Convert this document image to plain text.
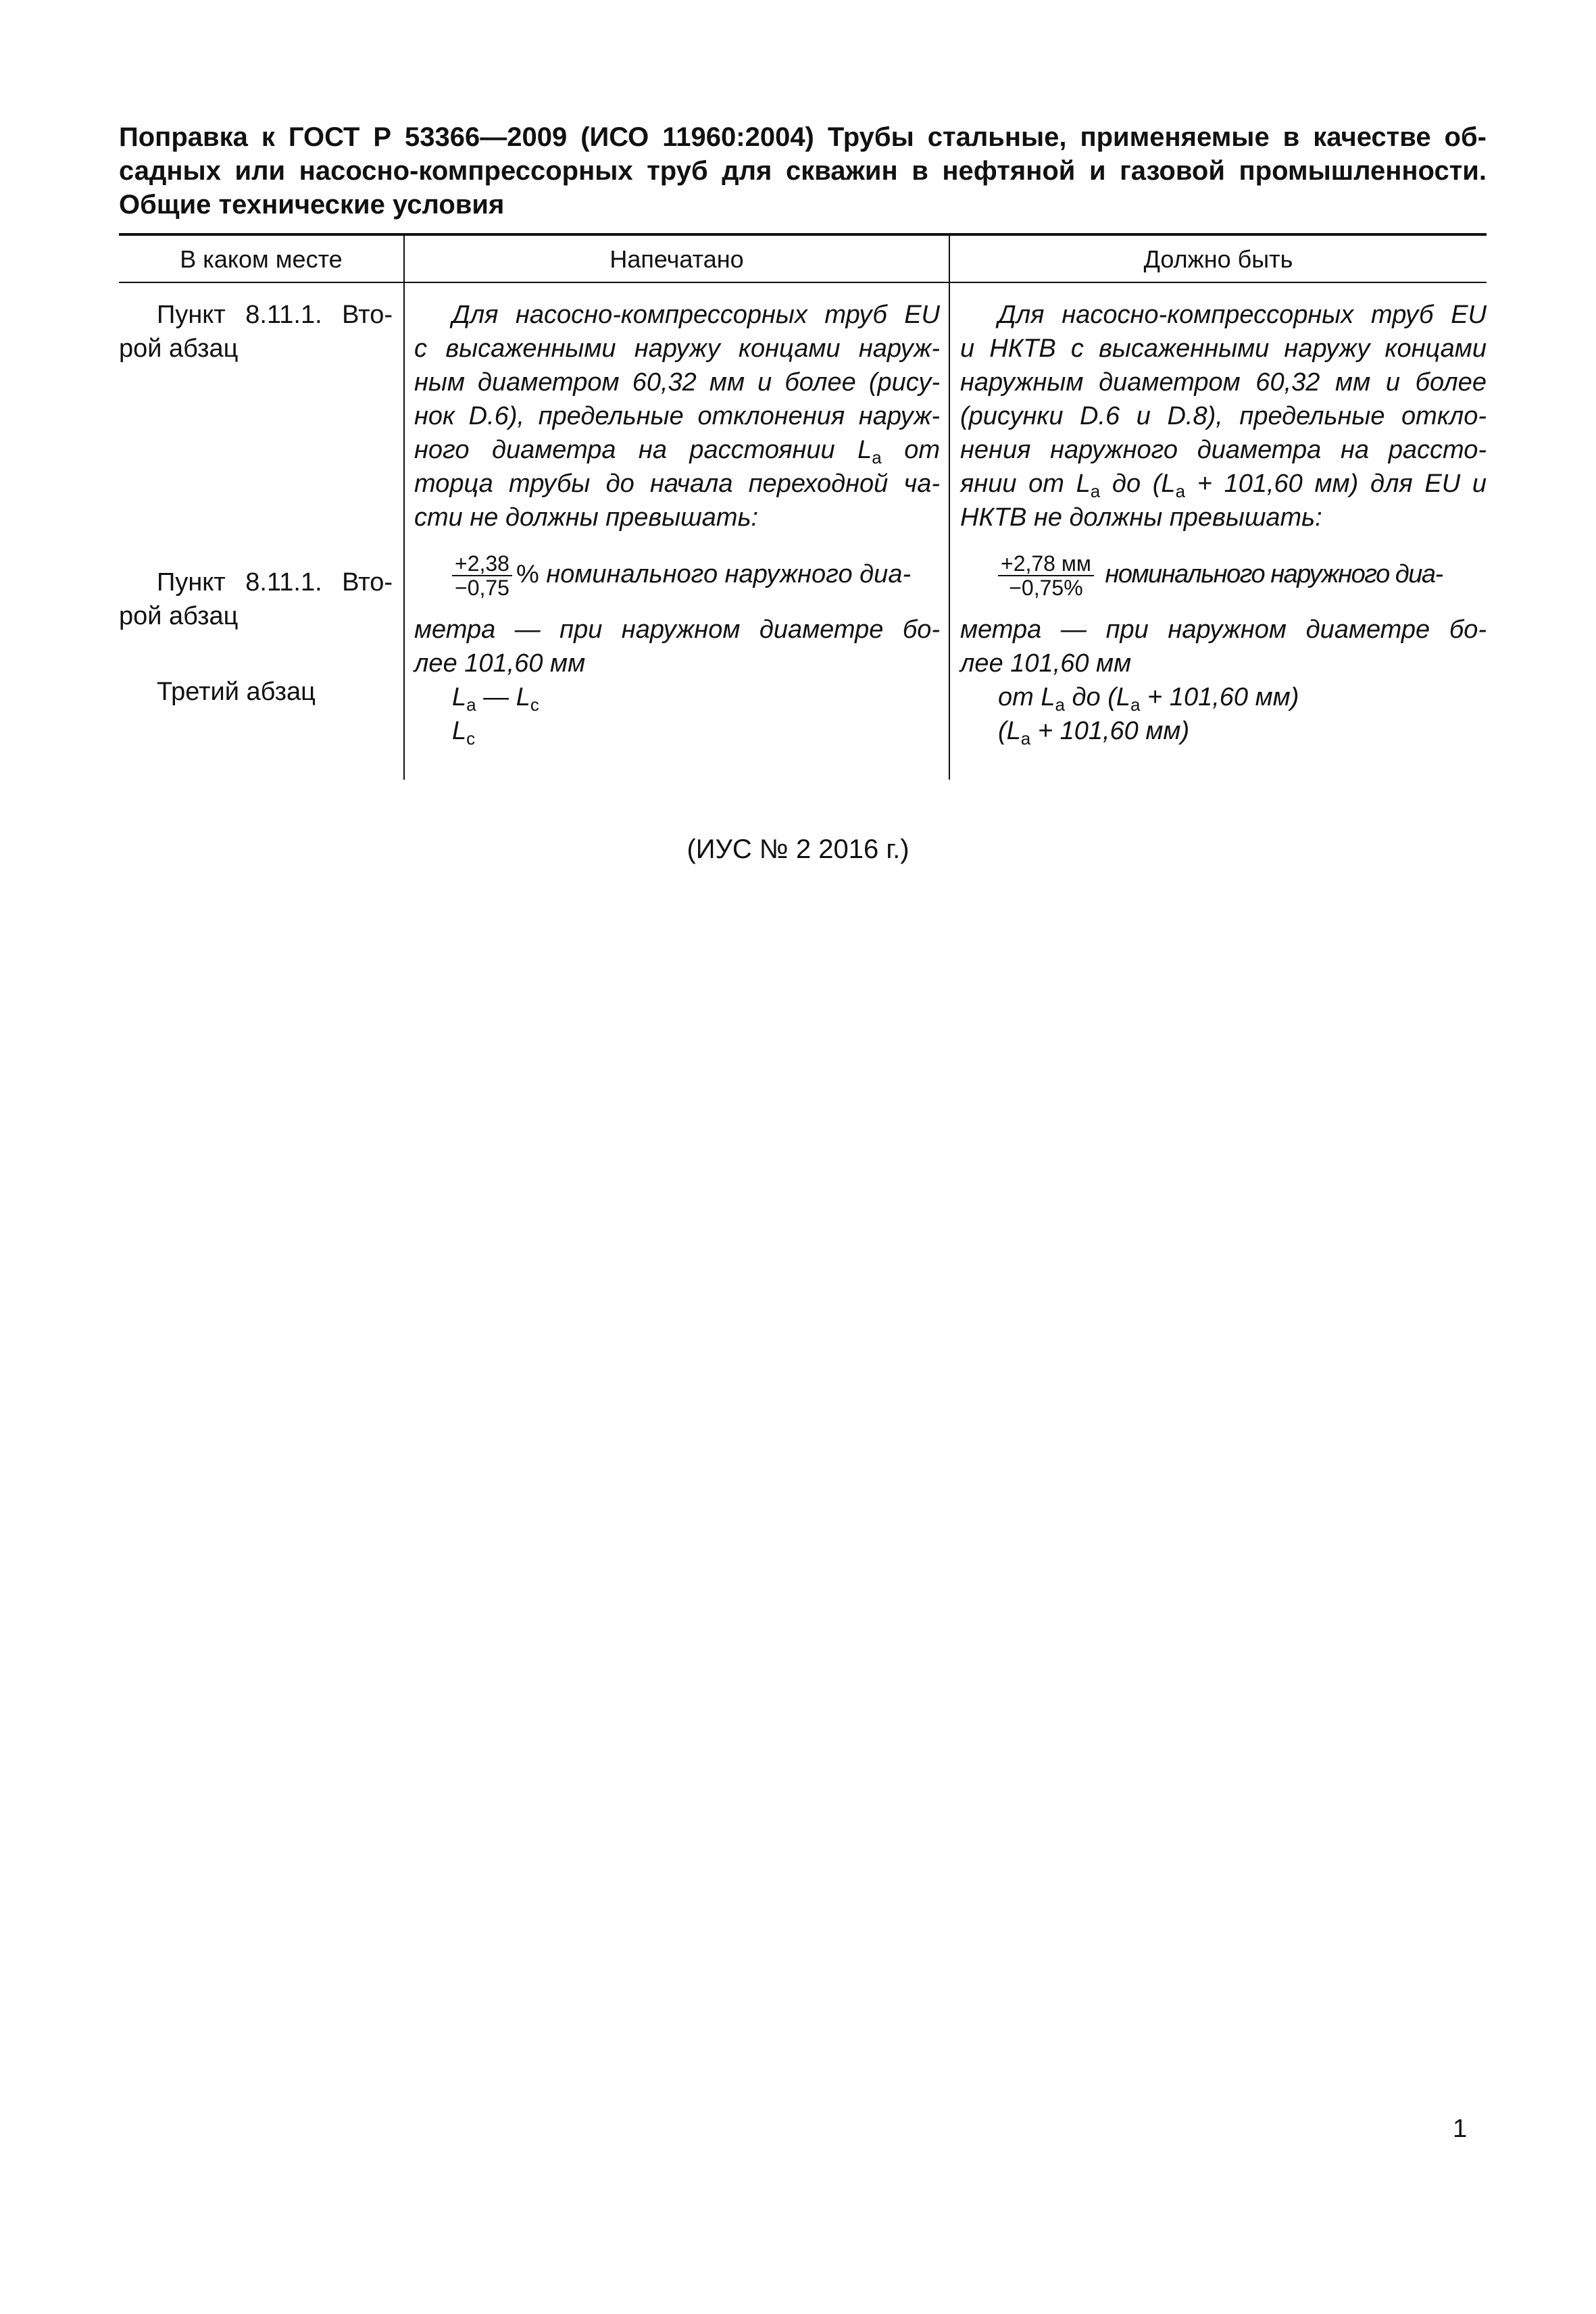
Поправка к ГОСТ Р 53366—2009 (ИСО 11960:2004) Трубы стальные, применяемые в качестве об-
садных или насосно-компрессорных труб для скважин в нефтяной и газовой промышленности.
Общие технические условия
В каком месте	Напечатано	Должно быть
Пункт 8.11.1. Вто-
рой абзац
Для насосно-компрессорных труб EU
с высаженными наружу концами наруж-
ным диаметром 60,32 мм и более (рису-
нок D.6), предельные отклонения наруж-
ного диаметра на расстоянии $L_a$ от
торца трубы до начала переходной ча-
сти не должны превышать:
Для насосно-компрессорных труб EU
и НКТВ с высаженными наружу концами
наружным диаметром 60,32 мм и более
(рисунки D.6 и D.8), предельные откло-
нения наружного диаметра на рассто-
янии от $L_a$ до ($L_a + 101,60$ мм) для EU и
НКТВ не должны превышать:
Пункт 8.11.1. Вто-
рой абзац
$\frac{+2,38}{-0,75}$ % номинального наружного диа-
метра — при наружном диаметре бо-
лее 101,60 мм
$L_a$ — $L_c$
$L_c$
$\frac{+2,78 мм}{-0,75\%}$ номинального наружного диа-
метра — при наружном диаметре бо-
лее 101,60 мм
от $L_a$ до ($L_a + 101,60$ мм)
($L_a + 101,60$ мм)
Третий абзац
(ИУС № 2 2016 г.)
1
